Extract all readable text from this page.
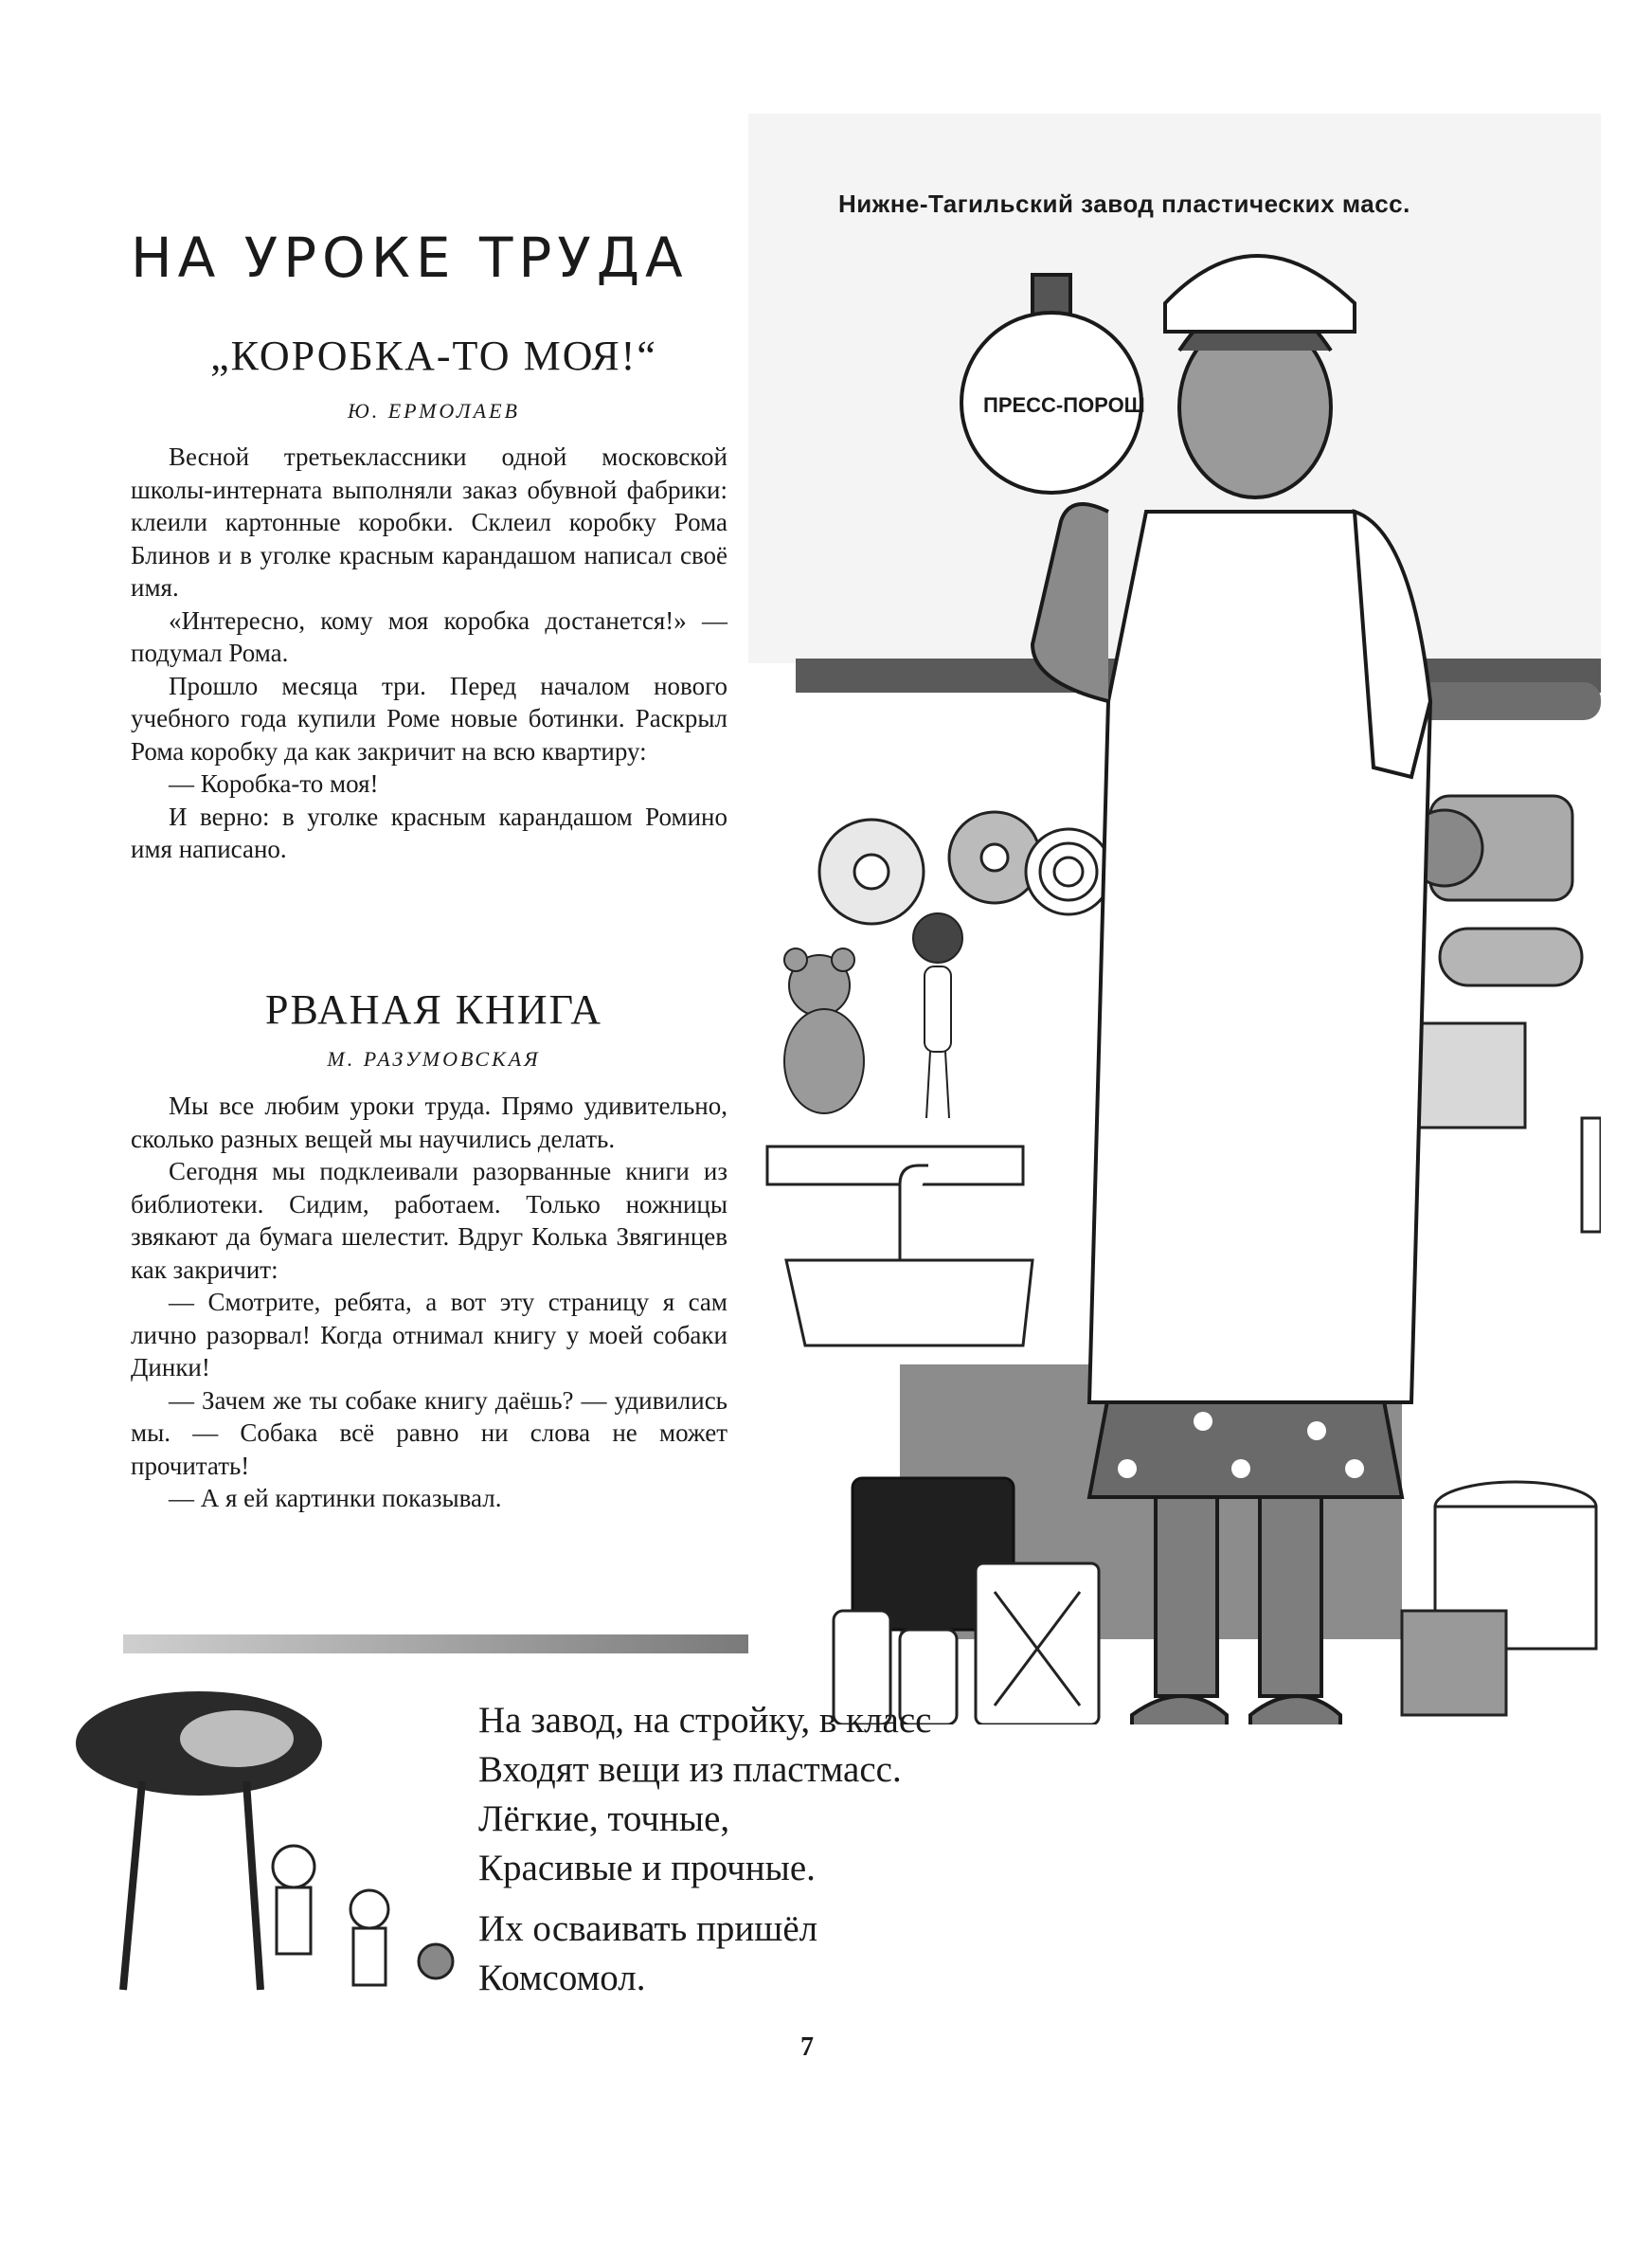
НА УРОКЕ ТРУДА
„КОРОБКА-ТО МОЯ!“
Ю. ЕРМОЛАЕВ

Весной третьеклассники одной московской школы-интерната выполняли заказ обувной фабрики: клеили картонные коробки. Склеил коробку Рома Блинов и в уголке красным карандашом написал своё имя.

«Интересно, кому моя коробка достанется!» — подумал Рома.

Прошло месяца три. Перед началом нового учебного года купили Роме новые ботинки. Раскрыл Рома коробку да как закричит на всю квартиру:

— Коробка-то моя!

И верно: в уголке красным карандашом Ромино имя написано.

РВАНАЯ КНИГА
М. РАЗУМОВСКАЯ

Мы все любим уроки труда. Прямо удивительно, сколько разных вещей мы научились делать.

Сегодня мы подклеивали разорванные книги из библиотеки. Сидим, работаем. Только ножницы звякают да бумага шелестит. Вдруг Колька Звягинцев как закричит:

— Смотрите, ребята, а вот эту страницу я сам лично разорвал! Когда отнимал книгу у моей собаки Динки!

— Зачем же ты собаке книгу даёшь? — удивились мы. — Собака всё равно ни слова не может прочитать!

— А я ей картинки показывал.

ПРЕСС-ПОРОШ
Нижне-Тагильский завод пластических масс.
На завод, на стройку, в класс
Входят вещи из пластмасс.
Лёгкие, точные,
Красивые и прочные.
Их осваивать пришёл
Комсомол.
7
